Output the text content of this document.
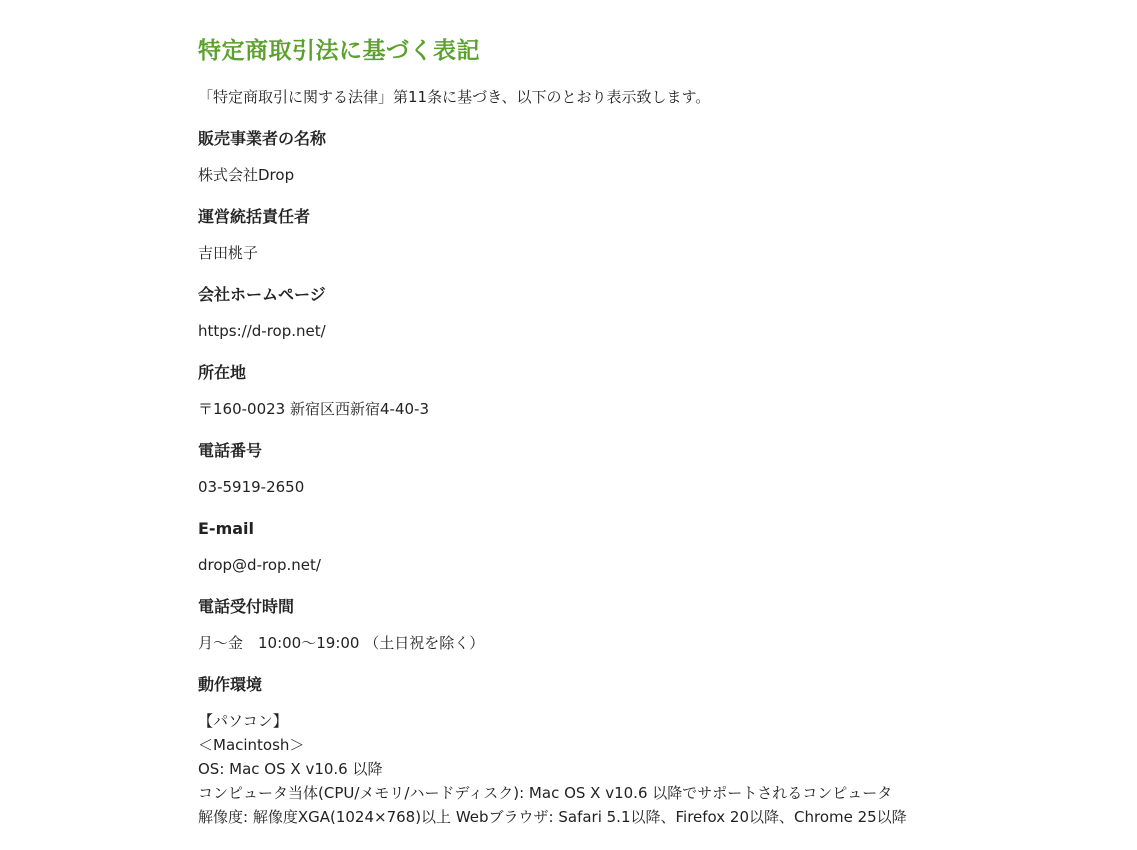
特定商取引法に基づく表記
「特定商取引に関する法律」第11条に基づき、以下のとおり表示致します。
販売事業者の名称
株式会社Drop
運営統括責任者
吉田桃子
会社ホームページ
https://d-rop.net/
所在地
〒160-0023 新宿区西新宿4-40-3
電話番号
03-5919-2650
E-mail
drop@d-rop.net/
電話受付時間
月～金　10:00～19:00 （土日祝を除く）
動作環境
【パソコン】
＜Macintosh＞
OS: Mac OS X v10.6 以降
コンピュータ当体(CPU/メモリ/ハードディスク): Mac OS X v10.6 以降でサポートされるコンピュータ
解像度: 解像度XGA(1024×768)以上 Webブラウザ: Safari 5.1以降、Firefox 20以降、Chrome 25以降
